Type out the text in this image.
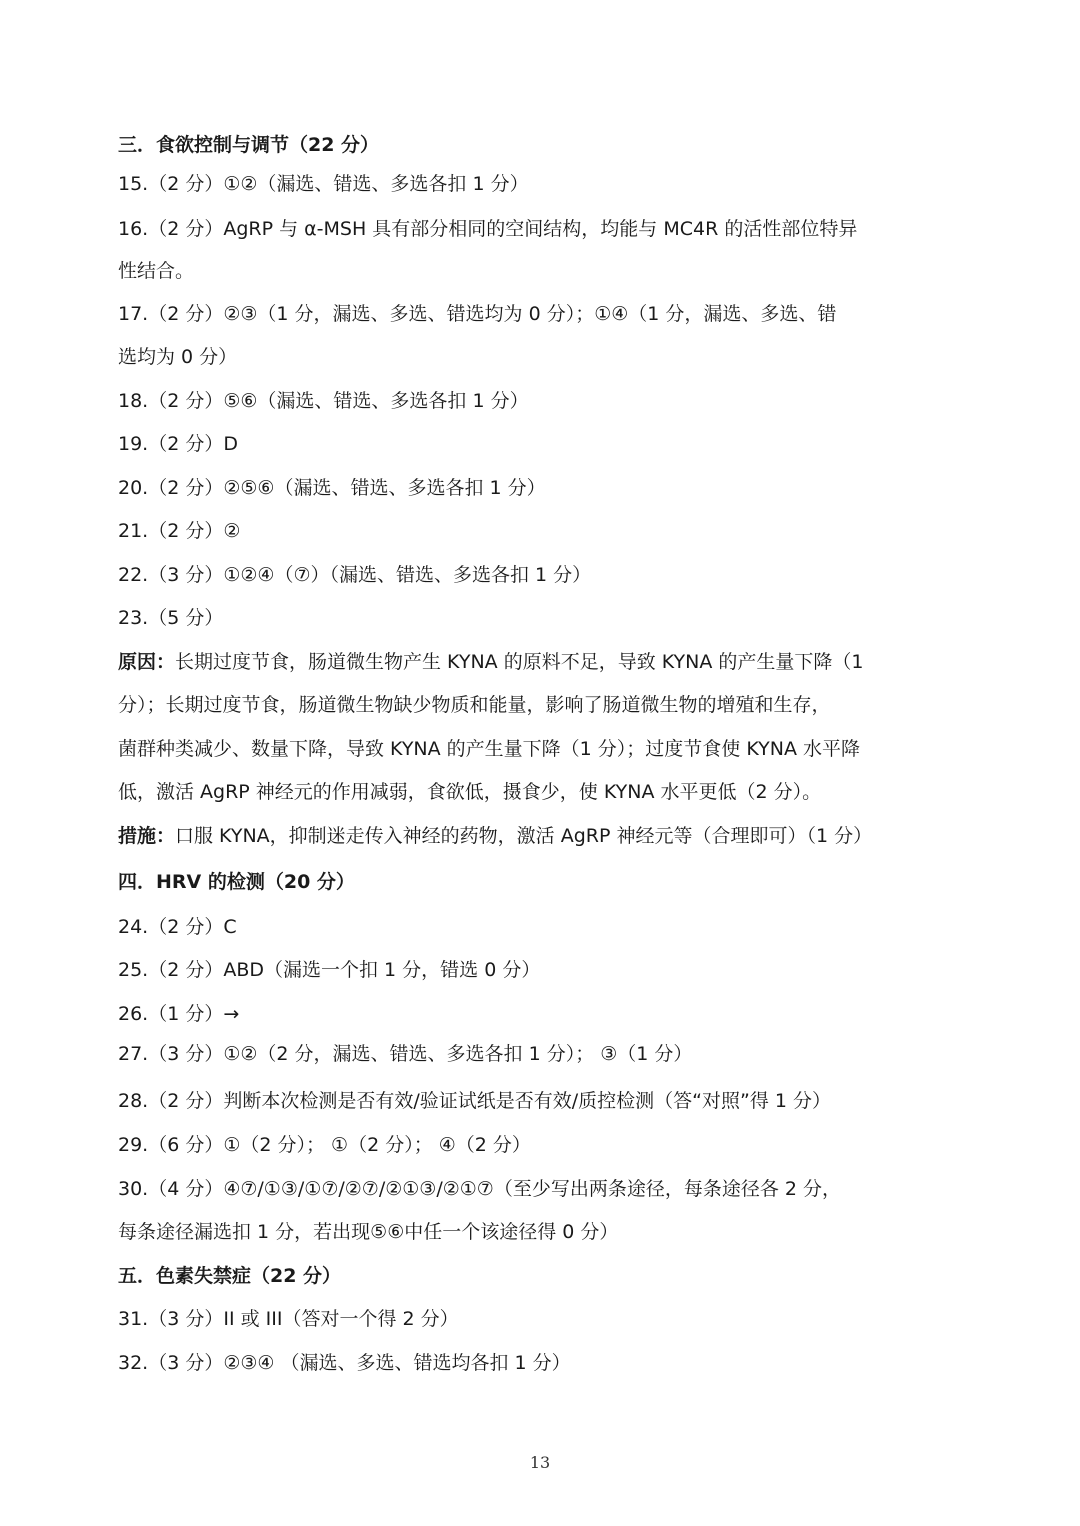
三．食欲控制与调节（22 分）

15.（2 分）①②（漏选、错选、多选各扣 1 分）

16.（2 分）AgRP 与 α-MSH 具有部分相同的空间结构，均能与 MC4R 的活性部位特异

性结合。

17.（2 分）②③（1 分，漏选、多选、错选均为 0 分）；①④（1 分，漏选、多选、错

选均为 0 分）

18.（2 分）⑤⑥（漏选、错选、多选各扣 1 分）

19.（2 分）D

20.（2 分）②⑤⑥（漏选、错选、多选各扣 1 分）

21.（2 分）②

22.（3 分）①②④（⑦）（漏选、错选、多选各扣 1 分）

23.（5 分）

原因：长期过度节食，肠道微生物产生 KYNA 的原料不足，导致 KYNA 的产生量下降（1

分）；长期过度节食，肠道微生物缺少物质和能量，影响了肠道微生物的增殖和生存，

菌群种类减少、数量下降，导致 KYNA 的产生量下降（1 分）；过度节食使 KYNA 水平降

低，激活 AgRP 神经元的作用减弱，食欲低，摄食少，使 KYNA 水平更低（2 分）。

措施：口服 KYNA，抑制迷走传入神经的药物，激活 AgRP 神经元等（合理即可）（1 分）

四．HRV 的检测（20 分）

24.（2 分）C

25.（2 分）ABD（漏选一个扣 1 分，错选 0 分）

26.（1 分）→

27.（3 分）①②（2 分，漏选、错选、多选各扣 1 分）； ③（1 分）

28.（2 分）判断本次检测是否有效/验证试纸是否有效/质控检测（答“对照”得 1 分）

29.（6 分）①（2 分）； ①（2 分）； ④（2 分）

30.（4 分）④⑦/①③/①⑦/②⑦/②①③/②①⑦（至少写出两条途径，每条途径各 2 分，

每条途径漏选扣 1 分，若出现⑤⑥中任一个该途径得 0 分）

五．色素失禁症（22 分）

31.（3 分）II 或 III（答对一个得 2 分）

32.（3 分）②③④ （漏选、多选、错选均各扣 1 分）

13
